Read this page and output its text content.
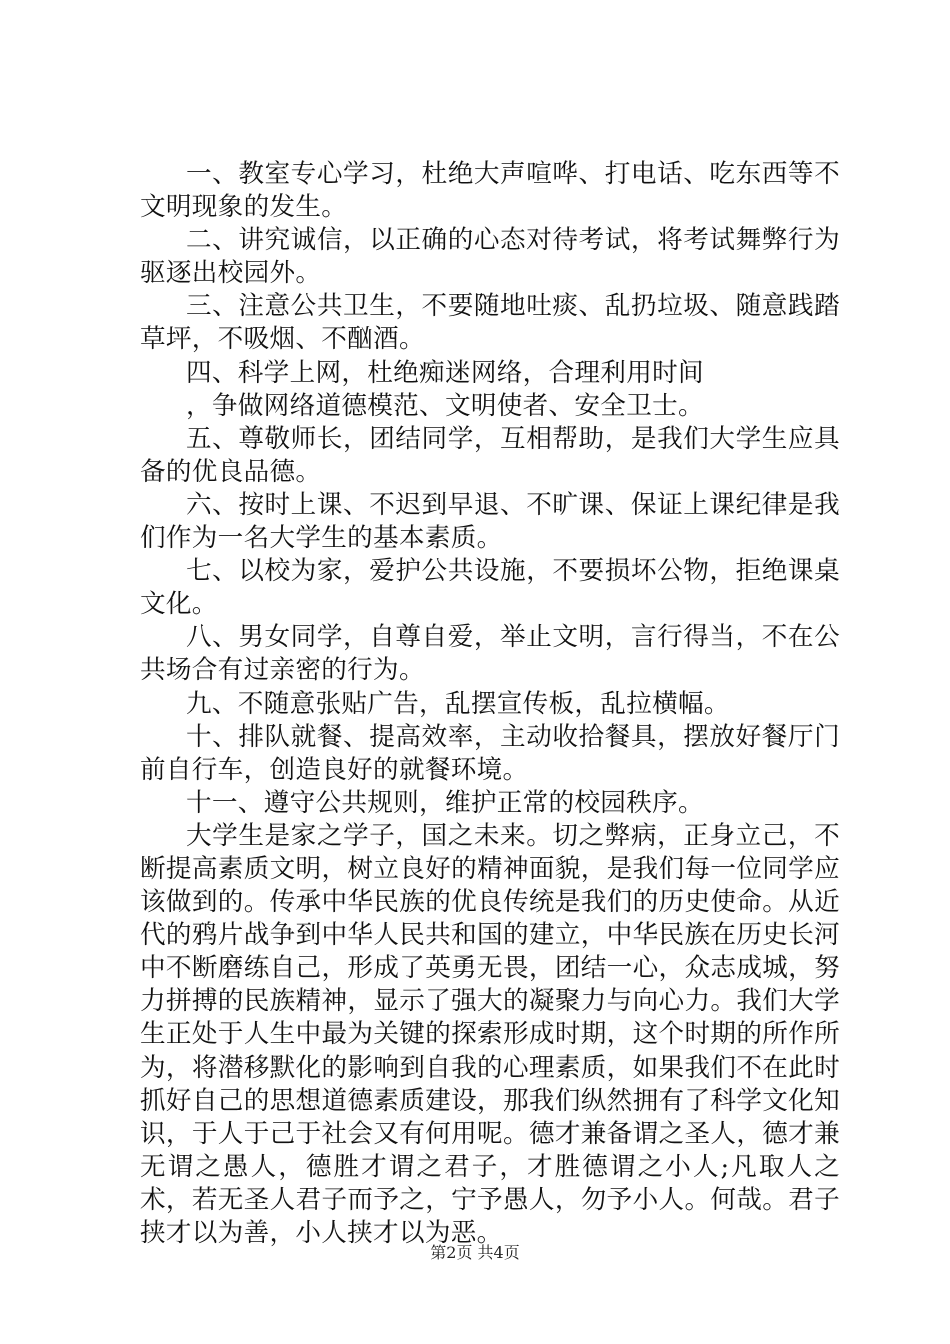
一、教室专心学习，杜绝大声喧哗、打电话、吃东西等不文明现象的发生。

二、讲究诚信，以正确的心态对待考试，将考试舞弊行为驱逐出校园外。

三、注意公共卫生，不要随地吐痰、乱扔垃圾、随意践踏草坪，不吸烟、不酗酒。

四、科学上网，杜绝痴迷网络，合理利用时间

，争做网络道德模范、文明使者、安全卫士。

五、尊敬师长，团结同学，互相帮助，是我们大学生应具备的优良品德。

六、按时上课、不迟到早退、不旷课、保证上课纪律是我们作为一名大学生的基本素质。

七、以校为家，爱护公共设施，不要损坏公物，拒绝课桌文化。

八、男女同学，自尊自爱，举止文明，言行得当，不在公共场合有过亲密的行为。

九、不随意张贴广告，乱摆宣传板，乱拉横幅。

十、排队就餐、提高效率，主动收拾餐具，摆放好餐厅门前自行车，创造良好的就餐环境。

十一、遵守公共规则，维护正常的校园秩序。

大学生是家之学子，国之未来。切之弊病，正身立己，不断提高素质文明，树立良好的精神面貌，是我们每一位同学应该做到的。传承中华民族的优良传统是我们的历史使命。从近代的鸦片战争到中华人民共和国的建立，中华民族在历史长河中不断磨练自己，形成了英勇无畏，团结一心，众志成城，努力拼搏的民族精神，显示了强大的凝聚力与向心力。我们大学生正处于人生中最为关键的探索形成时期，这个时期的所作所为，将潜移默化的影响到自我的心理素质，如果我们不在此时抓好自己的思想道德素质建设，那我们纵然拥有了科学文化知识，于人于己于社会又有何用呢。德才兼备谓之圣人，德才兼无谓之愚人，德胜才谓之君子，才胜德谓之小人;凡取人之术，若无圣人君子而予之，宁予愚人，勿予小人。何哉。君子挟才以为善，小人挟才以为恶。

第2页 共4页
